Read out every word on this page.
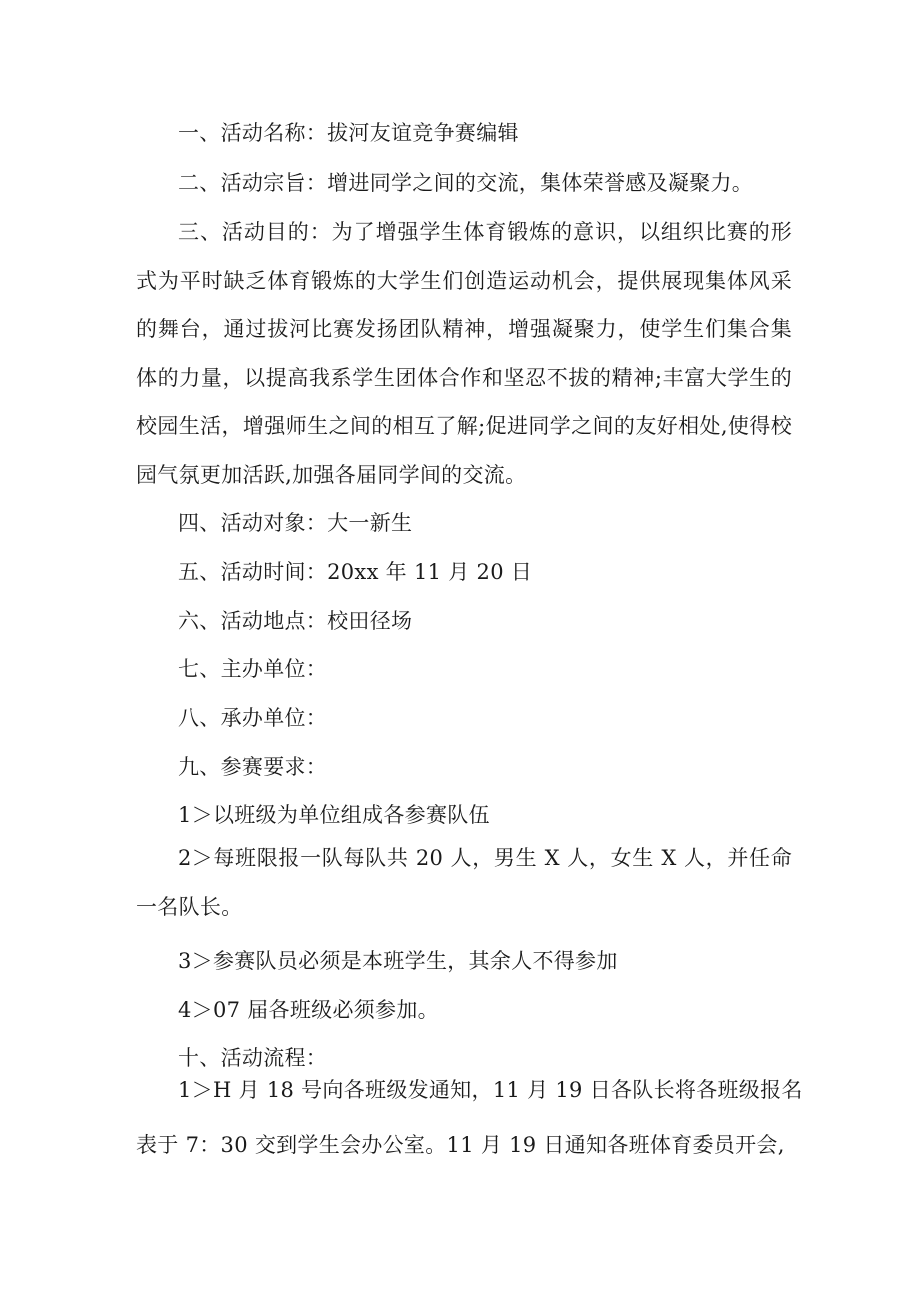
一、活动名称：拔河友谊竞争赛编辑
二、活动宗旨：增进同学之间的交流，集体荣誉感及凝聚力。
三、活动目的：为了增强学生体育锻炼的意识，以组织比赛的形式为平时缺乏体育锻炼的大学生们创造运动机会，提供展现集体风采的舞台，通过拔河比赛发扬团队精神，增强凝聚力，使学生们集合集体的力量，以提高我系学生团体合作和坚忍不拔的精神;丰富大学生的校园生活，增强师生之间的相互了解;促进同学之间的友好相处,使得校园气氛更加活跃,加强各届同学间的交流。
四、活动对象：大一新生
五、活动时间：20xx 年 11 月 20 日
六、活动地点：校田径场
七、主办单位：
八、承办单位：
九、参赛要求：
1＞以班级为单位组成各参赛队伍
2＞每班限报一队每队共 20 人，男生 X 人，女生 X 人，并任命一名队长。
3＞参赛队员必须是本班学生，其余人不得参加
4＞07 届各班级必须参加。
十、活动流程：
1＞H 月 18 号向各班级发通知，11 月 19 日各队长将各班级报名
表于 7：30 交到学生会办公室。11 月 19 日通知各班体育委员开会,
